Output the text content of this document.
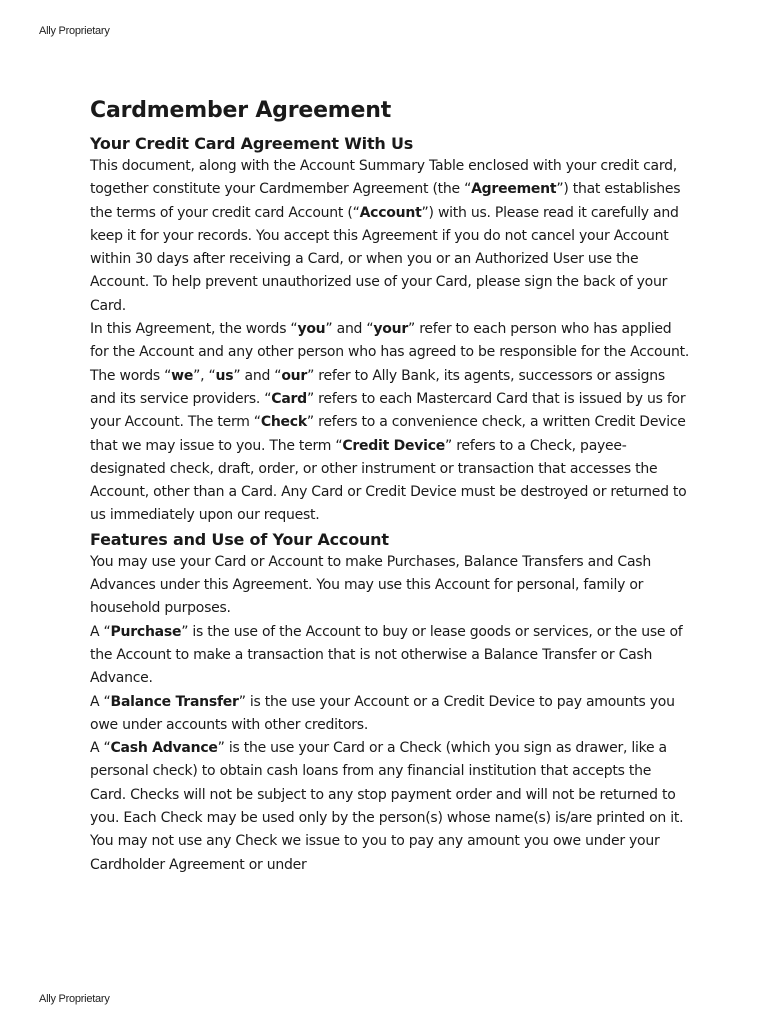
Ally Proprietary

Cardmember Agreement
Your Credit Card Agreement With Us

This document, along with the Account Summary Table enclosed with your credit card, together constitute your Cardmember Agreement (the “Agreement”) that establishes the terms of your credit card Account (“Account”) with us. Please read it carefully and keep it for your records. You accept this Agreement if you do not cancel your Account within 30 days after receiving a Card, or when you or an Authorized User use the Account. To help prevent unauthorized use of your Card, please sign the back of your Card.

In this Agreement, the words “you” and “your” refer to each person who has applied for the Account and any other person who has agreed to be responsible for the Account. The words “we”, “us” and “our” refer to Ally Bank, its agents, successors or assigns and its service providers. “Card” refers to each Mastercard Card that is issued by us for your Account. The term “Check” refers to a convenience check, a written Credit Device that we may issue to you. The term “Credit Device” refers to a Check, payee-designated check, draft, order, or other instrument or transaction that accesses the Account, other than a Card. Any Card or Credit Device must be destroyed or returned to us immediately upon our request.

Features and Use of Your Account

You may use your Card or Account to make Purchases, Balance Transfers and Cash Advances under this Agreement. You may use this Account for personal, family or household purposes.

A “Purchase” is the use of the Account to buy or lease goods or services, or the use of the Account to make a transaction that is not otherwise a Balance Transfer or Cash Advance.

A “Balance Transfer” is the use your Account or a Credit Device to pay amounts you owe under accounts with other creditors.

A “Cash Advance” is the use your Card or a Check (which you sign as drawer, like a personal check) to obtain cash loans from any financial institution that accepts the Card. Checks will not be subject to any stop payment order and will not be returned to you. Each Check may be used only by the person(s) whose name(s) is/are printed on it. You may not use any Check we issue to you to pay any amount you owe under your Cardholder Agreement or under

Ally Proprietary
